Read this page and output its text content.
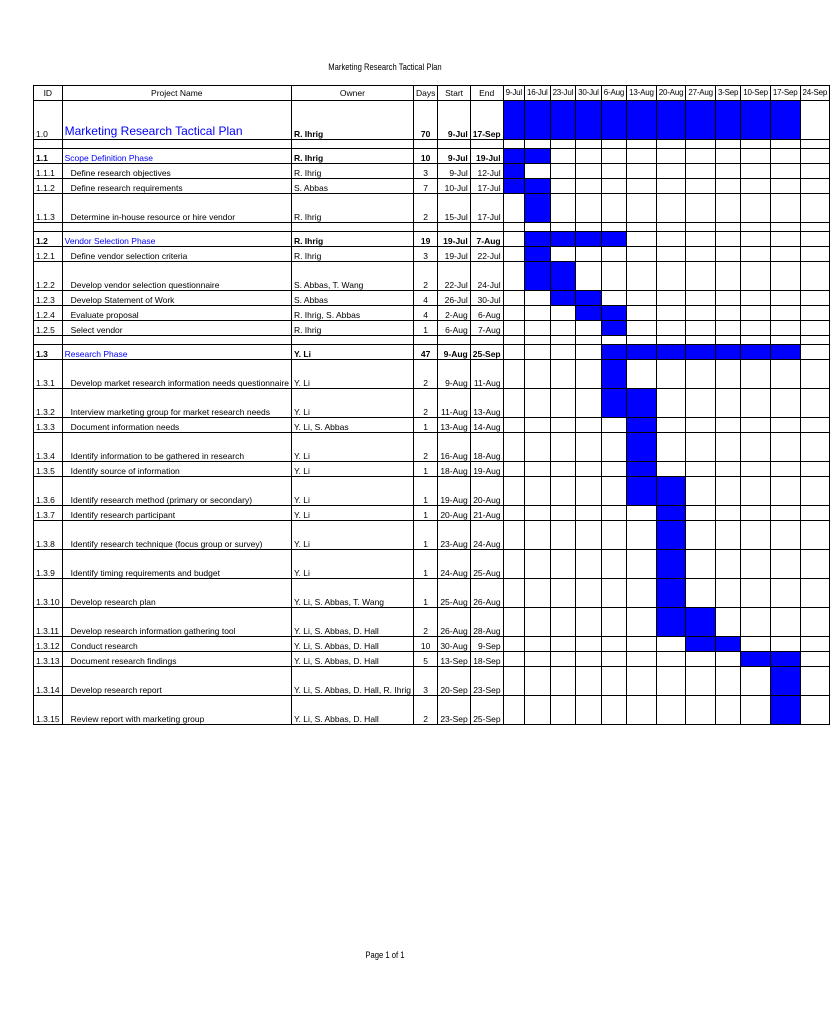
Marketing Research Tactical Plan
ID	Project Name	Owner	Days	Start	End	9-Jul	16-Jul	23-Jul	30-Jul	6-Aug	13-Aug	20-Aug	27-Aug	3-Sep	10-Sep	17-Sep	24-Sep
1.0	Marketing Research Tactical Plan	R. Ihrig	70	9-Jul	17-Sep												

1.1	Scope Definition Phase	R. Ihrig	10	9-Jul	19-Jul												
1.1.1	Define research objectives	R. Ihrig	3	9-Jul	12-Jul												
1.1.2	Define research requirements	S. Abbas	7	10-Jul	17-Jul												
1.1.3	Determine in-house resource or hire vendor	R. Ihrig	2	15-Jul	17-Jul												

1.2	Vendor Selection Phase	R. Ihrig	19	19-Jul	7-Aug												
1.2.1	Define vendor selection criteria	R. Ihrig	3	19-Jul	22-Jul												
1.2.2	Develop vendor selection questionnaire	S. Abbas, T. Wang	2	22-Jul	24-Jul												
1.2.3	Develop Statement of Work	S. Abbas	4	26-Jul	30-Jul												
1.2.4	Evaluate proposal	R. Ihrig, S. Abbas	4	2-Aug	6-Aug												
1.2.5	Select vendor	R. Ihrig	1	6-Aug	7-Aug												

1.3	Research Phase	Y. Li	47	9-Aug	25-Sep												
1.3.1	Develop market research information needs questionnaire	Y. Li	2	9-Aug	11-Aug												
1.3.2	Interview marketing group for market research needs	Y. Li	2	11-Aug	13-Aug												
1.3.3	Document information needs	Y. Li, S. Abbas	1	13-Aug	14-Aug												
1.3.4	Identify information to be gathered in research	Y. Li	2	16-Aug	18-Aug												
1.3.5	Identify source of information	Y. Li	1	18-Aug	19-Aug												
1.3.6	Identify research method (primary or secondary)	Y. Li	1	19-Aug	20-Aug												
1.3.7	Identify research participant	Y. Li	1	20-Aug	21-Aug												
1.3.8	Identify research technique (focus group or survey)	Y. Li	1	23-Aug	24-Aug												
1.3.9	Identify timing requirements and budget	Y. Li	1	24-Aug	25-Aug												
1.3.10	Develop research plan	Y. Li, S. Abbas, T. Wang	1	25-Aug	26-Aug												
1.3.11	Develop research information gathering tool	Y. Li, S. Abbas, D. Hall	2	26-Aug	28-Aug												
1.3.12	Conduct research	Y. Li, S. Abbas, D. Hall	10	30-Aug	9-Sep												
1.3.13	Document research findings	Y. Li, S. Abbas, D. Hall	5	13-Sep	18-Sep												
1.3.14	Develop research report	Y. Li, S. Abbas, D. Hall, R. Ihrig	3	20-Sep	23-Sep												
1.3.15	Review report with marketing group	Y. Li, S. Abbas, D. Hall	2	23-Sep	25-Sep												
Page 1 of 1
